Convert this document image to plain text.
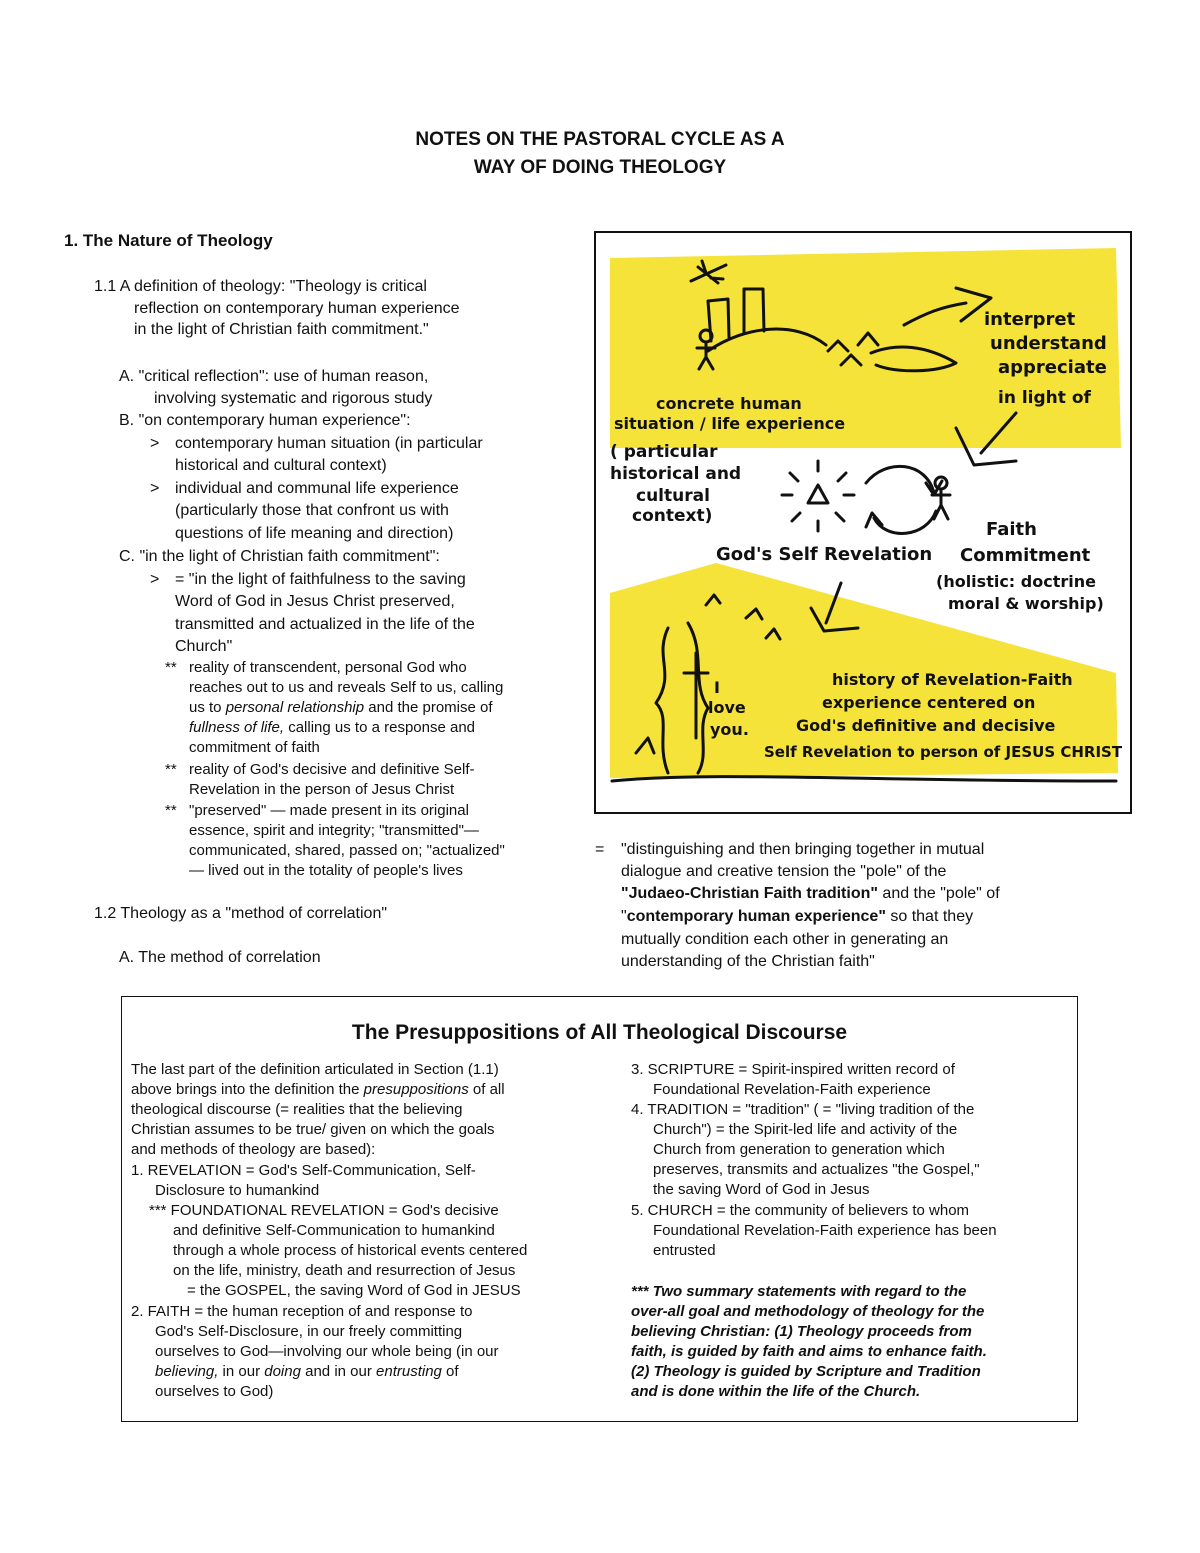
NOTES ON THE PASTORAL CYCLE AS A
WAY OF DOING THEOLOGY
1. The Nature of Theology
1.1 A definition of theology: "Theology is critical
reflection on contemporary human experience
in the light of Christian faith commitment."
A. "critical reflection": use of human reason,
involving systematic and rigorous study
B. "on contemporary human experience":
> contemporary human situation (in particular
historical and cultural context)
> individual and communal life experience
(particularly those that confront us with
questions of life meaning and direction)
C. "in the light of Christian faith commitment":
> = "in the light of faithfulness to the saving
Word of God in Jesus Christ preserved,
transmitted and actualized in the life of the
Church"
** reality of transcendent, personal God who
reaches out to us and reveals Self to us, calling
us to personal relationship and the promise of
fullness of life, calling us to a response and
commitment of faith
** reality of God's decisive and definitive Self-
Revelation in the person of Jesus Christ
** "preserved" — made present in its original
essence, spirit and integrity; "transmitted"—
communicated, shared, passed on; "actualized"
— lived out in the totality of people's lives
1.2 Theology as a "method of correlation"
A. The method of correlation
= "distinguishing and then bringing together in mutual
dialogue and creative tension the "pole" of the
"Judaeo-Christian Faith tradition" and the "pole" of
"contemporary human experience" so that they
mutually condition each other in generating an
understanding of the Christian faith"
interpret
understand
appreciate
in light of
concrete human
situation / life experience
( particular
historical and
cultural
context)
God's Self Revelation
Faith
Commitment
(holistic: doctrine
moral & worship)
history of Revelation-Faith
experience centered on
God's definitive and decisive
Self Revelation to person of JESUS CHRIST
I
love
you.
The Presuppositions of All Theological Discourse
The last part of the definition articulated in Section (1.1)
above brings into the definition the presuppositions of all
theological discourse (= realities that the believing
Christian assumes to be true/ given on which the goals
and methods of theology are based):
1. REVELATION = God's Self-Communication, Self-
Disclosure to humankind
*** FOUNDATIONAL REVELATION = God's decisive
and definitive Self-Communication to humankind
through a whole process of historical events centered
on the life, ministry, death and resurrection of Jesus
= the GOSPEL, the saving Word of God in JESUS
2. FAITH = the human reception of and response to
God's Self-Disclosure, in our freely committing
ourselves to God—involving our whole being (in our
believing, in our doing and in our entrusting of
ourselves to God)
3. SCRIPTURE = Spirit-inspired written record of
Foundational Revelation-Faith experience
4. TRADITION = "tradition" ( = "living tradition of the
Church") = the Spirit-led life and activity of the
Church from generation to generation which
preserves, transmits and actualizes "the Gospel,"
the saving Word of God in Jesus
5. CHURCH = the community of believers to whom
Foundational Revelation-Faith experience has been
entrusted
*** Two summary statements with regard to the
over-all goal and methodology of theology for the
believing Christian: (1) Theology proceeds from
faith, is guided by faith and aims to enhance faith.
(2) Theology is guided by Scripture and Tradition
and is done within the life of the Church.
